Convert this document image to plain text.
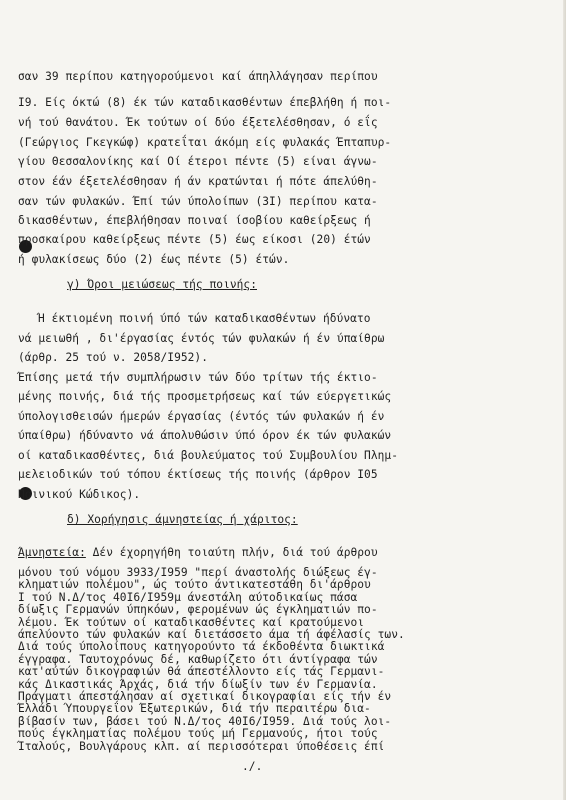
σαν 39 περίπου κατηγορούμενοι καί άπηλλάγησαν περίπου
Ι9. Είς όκτώ (8) έκ τών καταδικασθέντων έπεβλήθη ή ποι-
νή τού θανάτου. Έκ τούτων οί δύο έξετελέσθησαν, ό εΐς
(Γεώργιος Γκεγκώφ) κρατεΐται άκόμη είς φυλακάς Έπταπυρ-
γίου Θεσσαλονίκης καί Οί έτεροι πέντε (5) είναι άγνω-
στον έάν έξετελέσθησαν ή άν κρατώνται ή πότε άπελύθη-
σαν τών φυλακών. Έπί τών ύπολοίπων (3Ι) περίπου κατα-
δικασθέντων, έπεβλήθησαν ποιναί ίσοβίου καθείρξεως ή
προσκαίρου καθείρξεως πέντε (5) έως είκοσι (20) έτών
ή φυλακίσεως δύο (2) έως πέντε (5) έτών.
γ) Όροι μειώσεως τής ποινής:
Ή έκτιομένη ποινή ύπό τών καταδικασθέντων ήδύνατο
νά μειωθή , δι'έργασίας έντός τών φυλακών ή έν ύπαίθρω
(άρθρ. 25 τού ν. 2058/Ι952).
Έπίσης μετά τήν συμπλήρωσιν τών δύο τρίτων τής έκτιο-
μένης ποινής, διά τής προσμετρήσεως καί τών εύεργετικώς
ύπολογισθεισών ήμερών έργασίας (έντός τών φυλακών ή έν
ύπαίθρω) ήδύναντο νά άπολυθώσιν ύπό όρον έκ τών φυλακών
οί καταδικασθέντες, διά βουλεύματος τού Συμβουλίου Πλημ-
μελειοδικών τού τόπου έκτίσεως τής ποινής (άρθρον Ι05
Ποινικού Κώδικος).
δ) Χορήγησις άμνηστείας ή χάριτος:
Άμνηστεία: Δέν έχορηγήθη τοιαύτη πλήν, διά τού άρθρου
μόνου τού νόμου 3933/Ι959 "περί άναστολής διώξεως έγ-
κληματιών πολέμου", ώς τούτο άντικατεστάθη δι'άρθρου
Ι τού Ν.Δ/τος 40Ι6/Ι959μ άνεστάλη αύτοδικαίως πάσα
δίωξις Γερμανών ύπηκόων, φερομένων ώς έγκληματιών πο-
λέμου. Έκ τούτων οί καταδικασθέντες καί κρατούμενοι
άπελύοντο τών φυλακών καί διετάσσετο άμα τή άφέλασίς των.
Διά τούς ύπολοίπους κατηγορούντο τά έκδοθέντα διωκτικά
έγγραφα. Ταυτοχρόνως δέ, καθωρίζετο ότι άντίγραφα τών
κατ'αύτών δικογραφιών θά άπεστέλλοντο είς τάς Γερμανι-
κάς Δικαστικάς Άρχάς, διά τήν δίωξίν των έν Γερμανία.
./.
Πράγματι άπεστάλησαν αί σχετικαί δικογραφίαι είς τήν έν
Έλλάδι Ύπουργεΐον Έξωτερικών, διά τήν περαιτέρω δια-
βίβασίν των, βάσει τού Ν.Δ/τος 40Ι6/Ι959. Διά τούς λοι-
πούς έγκληματίας πολέμου τούς μή Γερμανούς, ήτοι τούς
Ίταλούς, Βουλγάρους κλπ. αί περισσότεραι ύποθέσεις έπί
